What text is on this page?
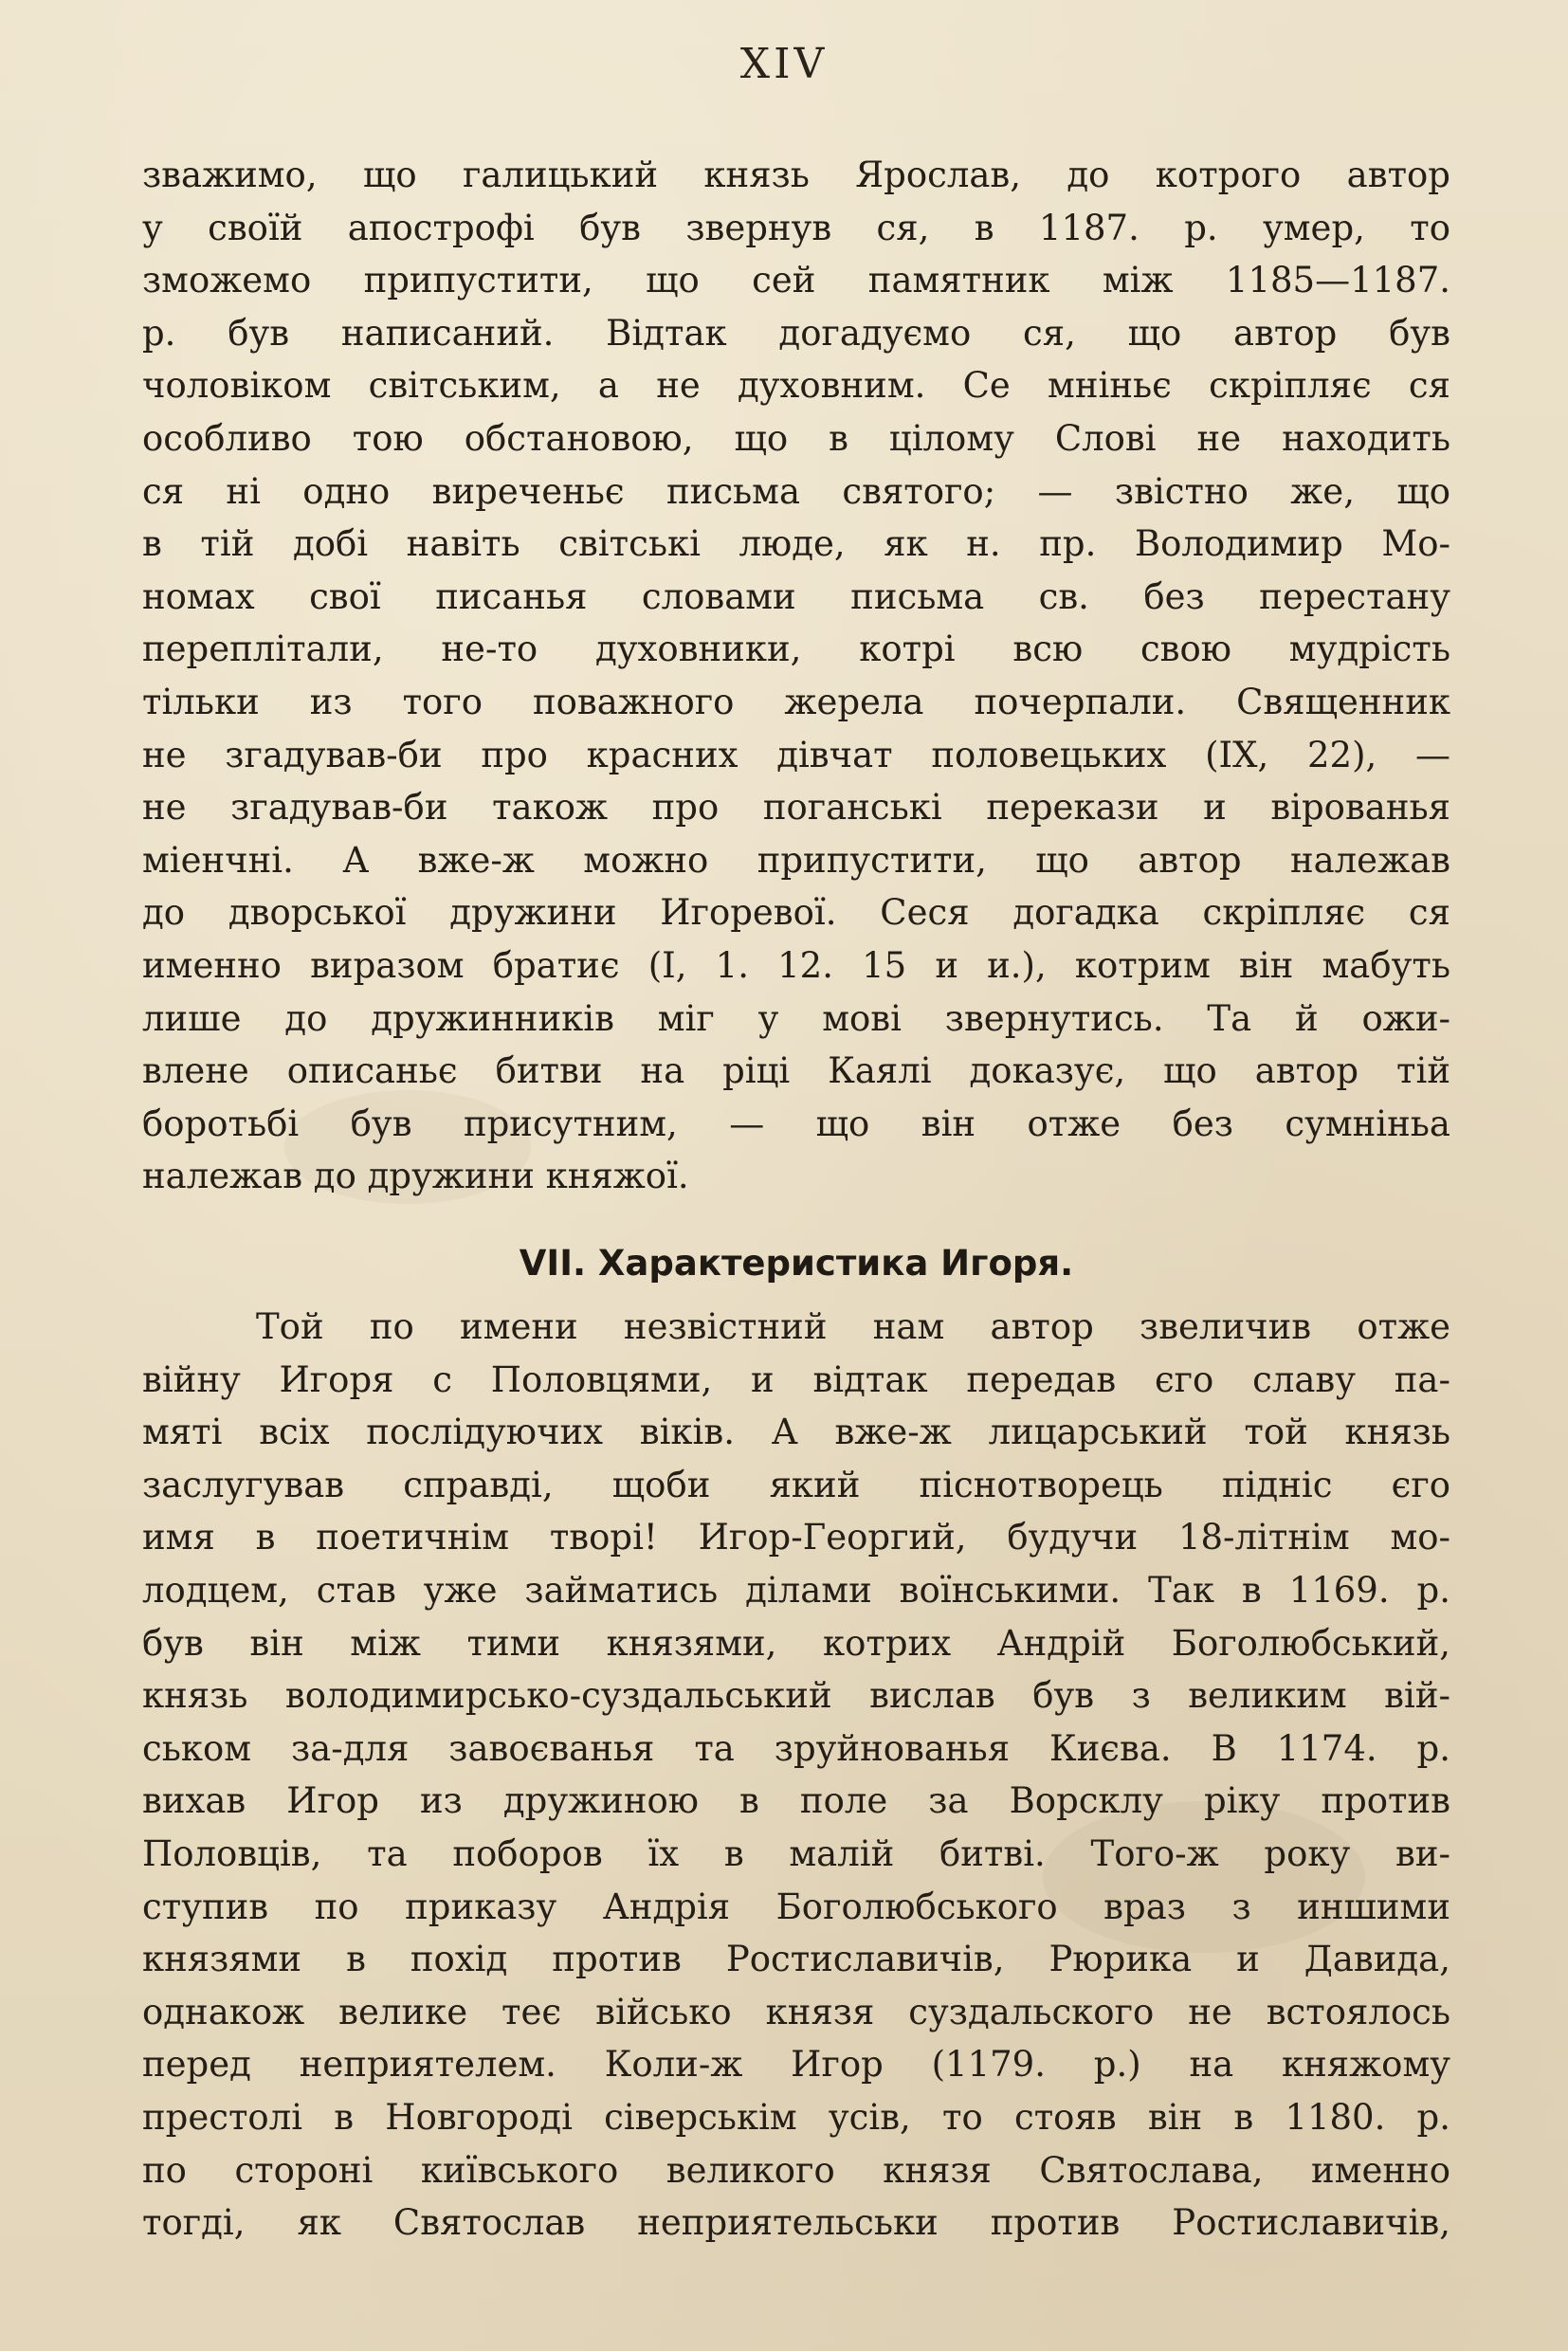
XIV
зважимо, що галицький князь Ярослав, до котрого автор
у своїй апострофі був звернув ся, в 1187. р. умер, то
зможемо припустити, що сей памятник між 1185—1187.
р. був написаний. Відтак догадуємо ся, що автор був
чоловіком світським, а не духовним. Се мніньє скріпляє ся
особливо тою обстановою, що в цілому Слові не находить
ся ні одно виреченьє письма святого; — звістно же, що
в тій добі навіть світські люде, як н. пр. Володимир Мо-
номах свої писанья словами письма св. без перестану
переплітали, не-то духовники, котрі всю свою мудрість
тільки из того поважного жерела почерпали. Священник
не згадував-би про красних дівчат половецьких (IX, 22), —
не згадував-би також про поганські перекази и вірованья
міенчні. А вже-ж можно припустити, що автор належав
до дворської дружини Игоревої. Сеся догадка скріпляє ся
именно виразом братиє (I, 1. 12. 15 и и.), котрим він мабуть
лише до дружинників міг у мові звернутись. Та й ожи-
влене описаньє битви на ріці Каялі доказує, що автор тій
боротьбі був присутним, — що він отже без сумніньа
належав до дружини княжої.
VII. Характеристика Игоря.
Той по имени незвістний нам автор звеличив отже
війну Игоря с Половцями, и відтак передав єго славу па-
мяті всіх послідуючих віків. А вже-ж лицарський той князь
заслугував справді, щоби який піснотворець підніс єго
имя в поетичнім творі! Игор-Георгий, будучи 18-літнім мо-
лодцем, став уже займатись ділами воїнськими. Так в 1169. р.
був він між тими князями, котрих Андрій Боголюбський,
князь володимирсько-суздальський вислав був з великим вій-
ськом за-для завоєванья та зруйнованья Києва. В 1174. р.
вихав Игор из дружиною в поле за Ворсклу ріку против
Половців, та поборов їх в малій битві. Того-ж року ви-
ступив по приказу Андрія Боголюбського враз з иншими
князями в похід против Ростиславичів, Рюрика и Давида,
однакож велике теє військо князя суздальского не встоялось
перед неприятелем. Коли-ж Игор (1179. р.) на княжому
престолі в Новгороді сіверськім усів, то стояв він в 1180. р.
по стороні київського великого князя Святослава, именно
тогді, як Святослав неприятельськи против Ростиславичів,
